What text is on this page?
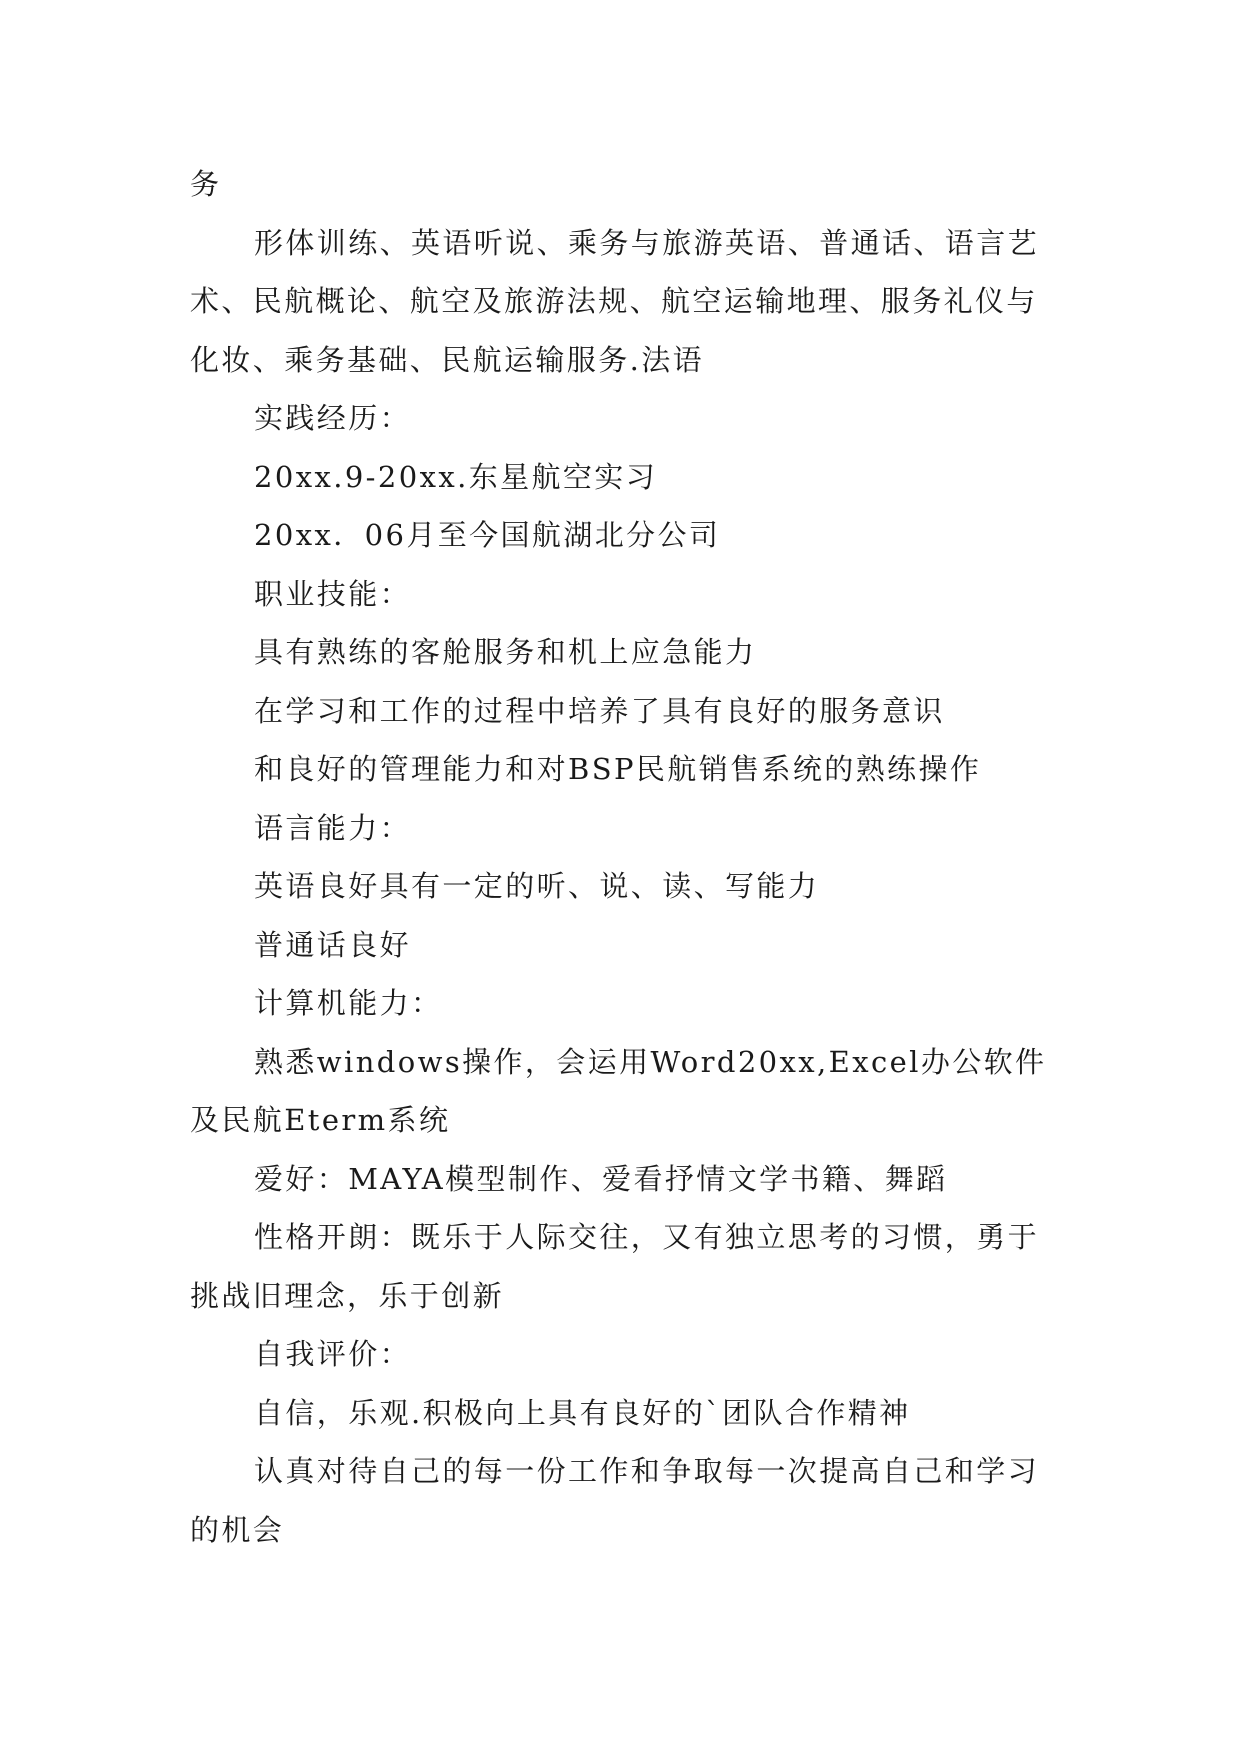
务

形体训练、英语听说、乘务与旅游英语、普通话、语言艺术、民航概论、航空及旅游法规、航空运输地理、服务礼仪与化妆、乘务基础、民航运输服务.法语

实践经历：

20xx.9-20xx.东星航空实习

20xx．06月至今国航湖北分公司

职业技能：

具有熟练的客舱服务和机上应急能力

在学习和工作的过程中培养了具有良好的服务意识

和良好的管理能力和对BSP民航销售系统的熟练操作

语言能力：

英语良好具有一定的听、说、读、写能力

普通话良好

计算机能力：

熟悉windows操作，会运用Word20xx,Excel办公软件及民航Eterm系统

爱好：MAYA模型制作、爱看抒情文学书籍、舞蹈

性格开朗：既乐于人际交往，又有独立思考的习惯，勇于挑战旧理念，乐于创新

自我评价：

自信，乐观.积极向上具有良好的`团队合作精神

认真对待自己的每一份工作和争取每一次提高自己和学习的机会
